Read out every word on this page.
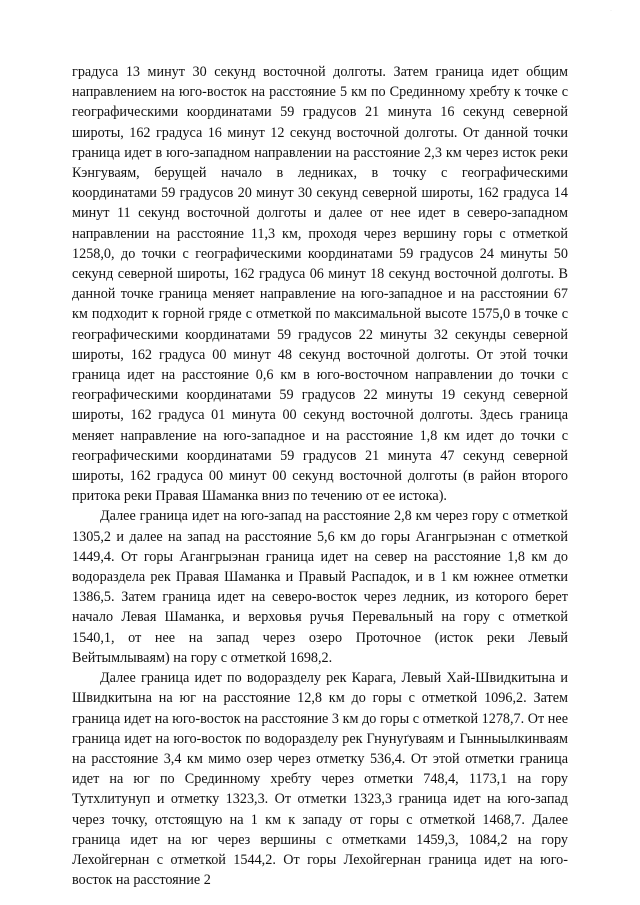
·

градуса 13 минут 30 секунд восточной долготы. Затем граница идет общим направлением на юго-восток на расстояние 5 км по Срединному хребту к точке с географическими координатами 59 градусов 21 минута 16 секунд северной широты, 162 градуса 16 минут 12 секунд восточной долготы. От данной точки граница идет в юго-западном направлении на расстояние 2,3 км через исток реки Кэнгуваям, берущей начало в ледниках, в точку с географическими координатами 59 градусов 20 минут 30 секунд северной широты, 162 градуса 14 минут 11 секунд восточной долготы и далее от нее идет в северо-западном направлении на расстояние 11,3 км, проходя через вершину горы с отметкой 1258,0, до точки с географическими координатами 59 градусов 24 минуты 50 секунд северной широты, 162 градуса 06 минут 18 секунд восточной долготы. В данной точке граница меняет направление на юго-западное и на расстоянии 67 км подходит к горной гряде с отметкой по максимальной высоте 1575,0 в точке с географическими координатами 59 градусов 22 минуты 32 секунды северной широты, 162 градуса 00 минут 48 секунд восточной долготы. От этой точки граница идет на расстояние 0,6 км в юго-восточном направлении до точки с географическими координатами 59 градусов 22 минуты 19 секунд северной широты, 162 градуса 01 минута 00 секунд восточной долготы. Здесь граница меняет направление на юго-западное и на расстояние 1,8 км идет до точки с географическими координатами 59 градусов 21 минута 47 секунд северной широты, 162 градуса 00 минут 00 секунд восточной долготы (в район второго притока реки Правая Шаманка вниз по течению от ее истока).

Далее граница идет на юго-запад на расстояние 2,8 км через гору с отметкой 1305,2 и далее на запад на расстояние 5,6 км до горы Агангрыэнан с отметкой 1449,4. От горы Агангрыэнан граница идет на север на расстояние 1,8 км до водораздела рек Правая Шаманка и Правый Распадок, и в 1 км южнее отметки 1386,5. Затем граница идет на северо-восток через ледник, из которого берет начало Левая Шаманка, и верховья ручья Перевальный на гору с отметкой 1540,1, от нее на запад через озеро Проточное (исток реки Левый Вейтымлываям) на гору с отметкой 1698,2.

Далее граница идет по водоразделу рек Карага, Левый Хай-Швидкитына и Швидкитына на юг на расстояние 12,8 км до горы с отметкой 1096,2. Затем граница идет на юго-восток на расстояние 3 км до горы с отметкой 1278,7. От нее граница идет на юго-восток по водоразделу рек Гнунуґуваям и Гынныылкинваям на расстояние 3,4 км мимо озер через отметку 536,4. От этой отметки граница идет на юг по Срединному хребту через отметки 748,4, 1173,1 на гору Тутхлитунуп и отметку 1323,3. От отметки 1323,3 граница идет на юго-запад через точку, отстоящую на 1 км к западу от горы с отметкой 1468,7. Далее граница идет на юг через вершины с отметками 1459,3, 1084,2 на гору Лехойгернан с отметкой 1544,2. От горы Лехойгернан граница идет на юго-восток на расстояние 2
